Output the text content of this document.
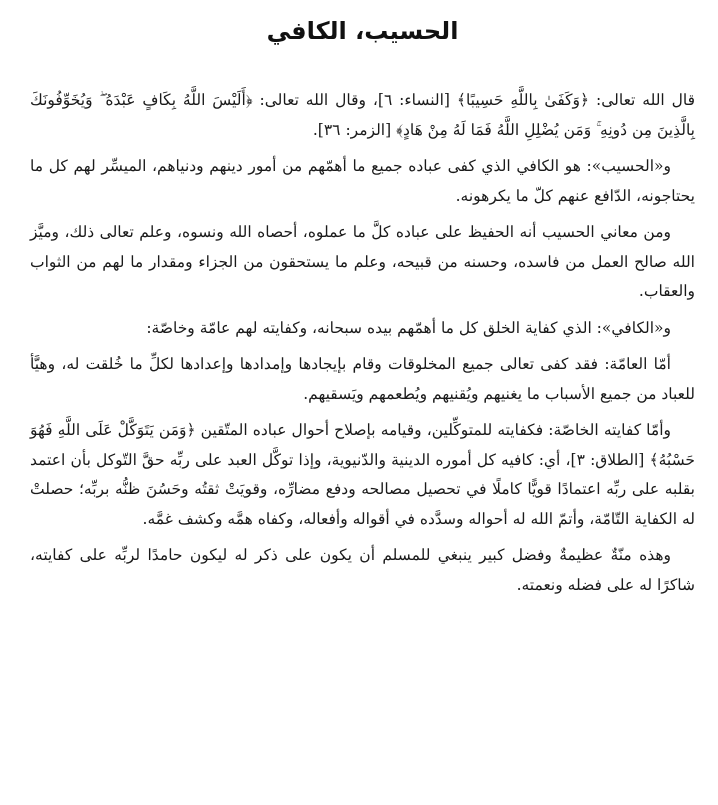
الحسيب، الكافي

قال الله تعالى: ﴿وَكَفَىٰ بِاللَّهِ حَسِيبًا﴾ [النساء: ٦]، وقال الله تعالى: ﴿أَلَيْسَ اللَّهُ بِكَافٍ عَبْدَهُ ۖ وَيُخَوِّفُونَكَ بِالَّذِينَ مِن دُونِهِ ۚ وَمَن يُضْلِلِ اللَّهُ فَمَا لَهُ مِنْ هَادٍ﴾ [الزمر: ٣٦].

و«الحسيب»: هو الكافي الذي كفى عباده جميع ما أهمّهم من أمور دينهم ودنياهم، الميسِّر لهم كل ما يحتاجونه، الدّافع عنهم كلّ ما يكرهونه.

ومن معاني الحسيب أنه الحفيظ على عباده كلَّ ما عملوه، أحصاه الله ونسوه، وعلم تعالى ذلك، وميَّز الله صالح العمل من فاسده، وحسنه من قبيحه، وعلم ما يستحقون من الجزاء ومقدار ما لهم من الثواب والعقاب.

و«الكافي»: الذي كفاية الخلق كل ما أهمّهم بيده سبحانه، وكفايته لهم عامّة وخاصّة:

أمّا العامّة: فقد كفى تعالى جميع المخلوقات وقام بإيجادها وإمدادها وإعدادها لكلِّ ما خُلقت له، وهيَّأ للعباد من جميع الأسباب ما يغنيهم ويُقنيهم ويُطعمهم ويَسقيهم.

وأمّا كفايته الخاصّة: فكفايته للمتوكِّلين، وقيامه بإصلاح أحوال عباده المتّقين ﴿وَمَن يَتَوَكَّلْ عَلَى اللَّهِ فَهُوَ حَسْبُهُ﴾ [الطلاق: ٣]، أي: كافيه كل أموره الدينية والدّنيوية، وإذا توكَّل العبد على ربِّه حقَّ التّوكل بأن اعتمد بقلبه على ربِّه اعتمادًا قويًّا كاملًا في تحصيل مصالحه ودفع مضارِّه، وقويَتْ ثقتُه وحَسُنَ ظنُّه بربِّه؛ حصلتْ له الكفاية التّامّة، وأتمّ الله له أحواله وسدَّده في أقواله وأفعاله، وكفاه همَّه وكشف غمَّه.

وهذه منّةٌ عظيمةٌ وفضل كبير ينبغي للمسلم أن يكون على ذكر له ليكون حامدًا لربِّه على كفايته، شاكرًا له على فضله ونعمته.
